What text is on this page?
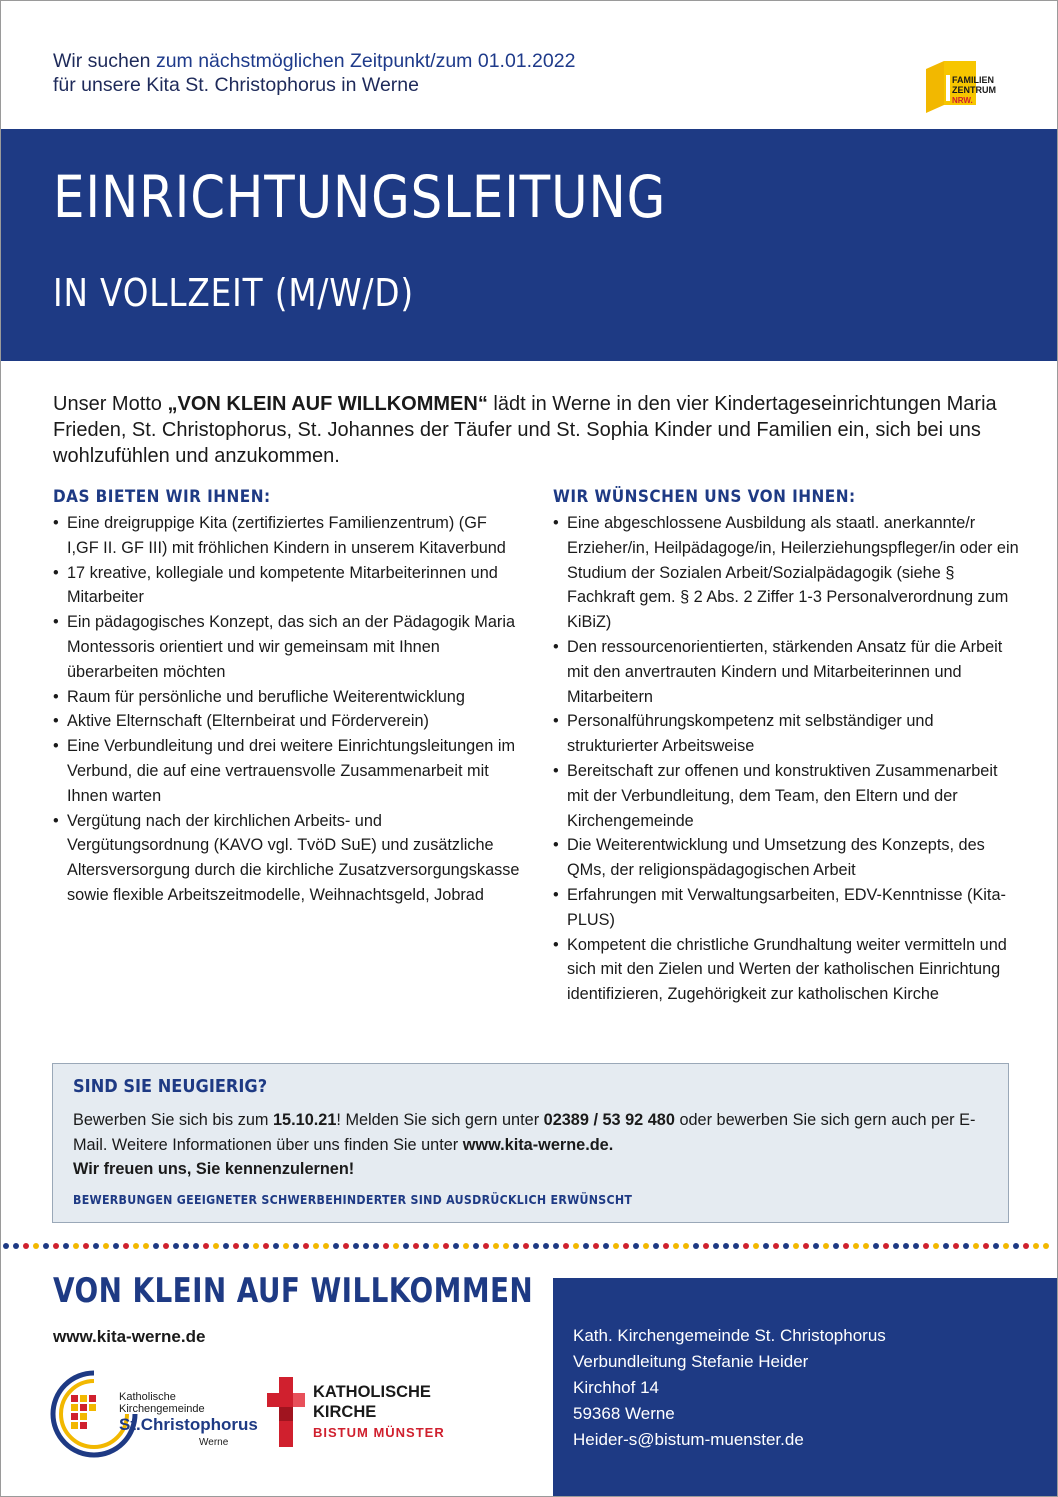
Wir suchen zum nächstmöglichen Zeitpunkt/zum 01.01.2022
für unsere Kita St. Christophorus in Werne	FAMILIEN
ZENTRUM
NRW.
EINRICHTUNGSLEITUNG
IN VOLLZEIT (M/W/D)

Unser Motto „VON KLEIN AUF WILLKOMMEN“ lädt in Werne in den vier Kindertageseinrichtungen Maria Frieden, St. Christophorus, St. Johannes der Täufer und St. Sophia Kinder und Familien ein, sich bei uns wohlzufühlen und anzukommen.

DAS BIETEN WIR IHNEN:
• Eine dreigruppige Kita (zertifiziertes Familienzentrum) (GF I,GF II. GF III) mit fröhlichen Kindern in unserem Kitaverbund
• 17 kreative, kollegiale und kompetente Mitarbeiterinnen und Mitarbeiter
• Ein pädagogisches Konzept, das sich an der Pädagogik Maria Montessoris orientiert und wir gemeinsam mit Ihnen überarbeiten möchten
• Raum für persönliche und berufliche Weiterentwicklung
• Aktive Elternschaft (Elternbeirat und Förderverein)
• Eine Verbundleitung und drei weitere Einrichtungsleitungen im Verbund, die auf eine vertrauensvolle Zusammenarbeit mit Ihnen warten
• Vergütung nach der kirchlichen Arbeits- und Vergütungsordnung (KAVO vgl. TvöD SuE) und zusätzliche Altersversorgung durch die kirchliche Zusatzversorgungskasse sowie flexible Arbeitszeitmodelle, Weihnachtsgeld, Jobrad
WIR WÜNSCHEN UNS VON IHNEN:
• Eine abgeschlossene Ausbildung als staatl. anerkannte/r Erzieher/in, Heilpädagoge/in, Heilerziehungspfleger/in oder ein Studium der Sozialen Arbeit/Sozialpädagogik (siehe § Fachkraft gem. § 2 Abs. 2 Ziffer 1-3 Personalverordnung zum KiBiZ)
• Den ressourcenorientierten, stärkenden Ansatz für die Arbeit mit den anvertrauten Kindern und Mitarbeiterinnen und Mitarbeitern
• Personalführungskompetenz mit selbständiger und strukturierter Arbeitsweise
• Bereitschaft zur offenen und konstruktiven Zusammenarbeit mit der Verbundleitung, dem Team, den Eltern und der Kirchengemeinde
• Die Weiterentwicklung und Umsetzung des Konzepts, des QMs, der religionspädagogischen Arbeit
• Erfahrungen mit Verwaltungsarbeiten, EDV-Kenntnisse (Kita-PLUS)
• Kompetent die christliche Grundhaltung weiter vermitteln und sich mit den Zielen und Werten der katholischen Einrichtung identifizieren, Zugehörigkeit zur katholischen Kirche
SIND SIE NEUGIERIG?

Bewerben Sie sich bis zum 15.10.21! Melden Sie sich gern unter 02389 / 53 92 480 oder bewerben Sie sich gern auch per E-Mail. Weitere Informationen über uns finden Sie unter www.kita-werne.de.

Wir freuen uns, Sie kennenzulernen!

BEWERBUNGEN GEEIGNETER SCHWERBEHINDERTER SIND AUSDRÜCKLICH ERWÜNSCHT

VON KLEIN AUF WILLKOMMEN
www.kita-werne.de
Katholische
Kirchengemeinde
St.Christophorus
Werne
KATHOLISCHE
KIRCHE
BISTUM MÜNSTER
Kath. Kirchengemeinde St. Christophorus
Verbundleitung Stefanie Heider
Kirchhof 14
59368 Werne
Heider-s@bistum-muenster.de
